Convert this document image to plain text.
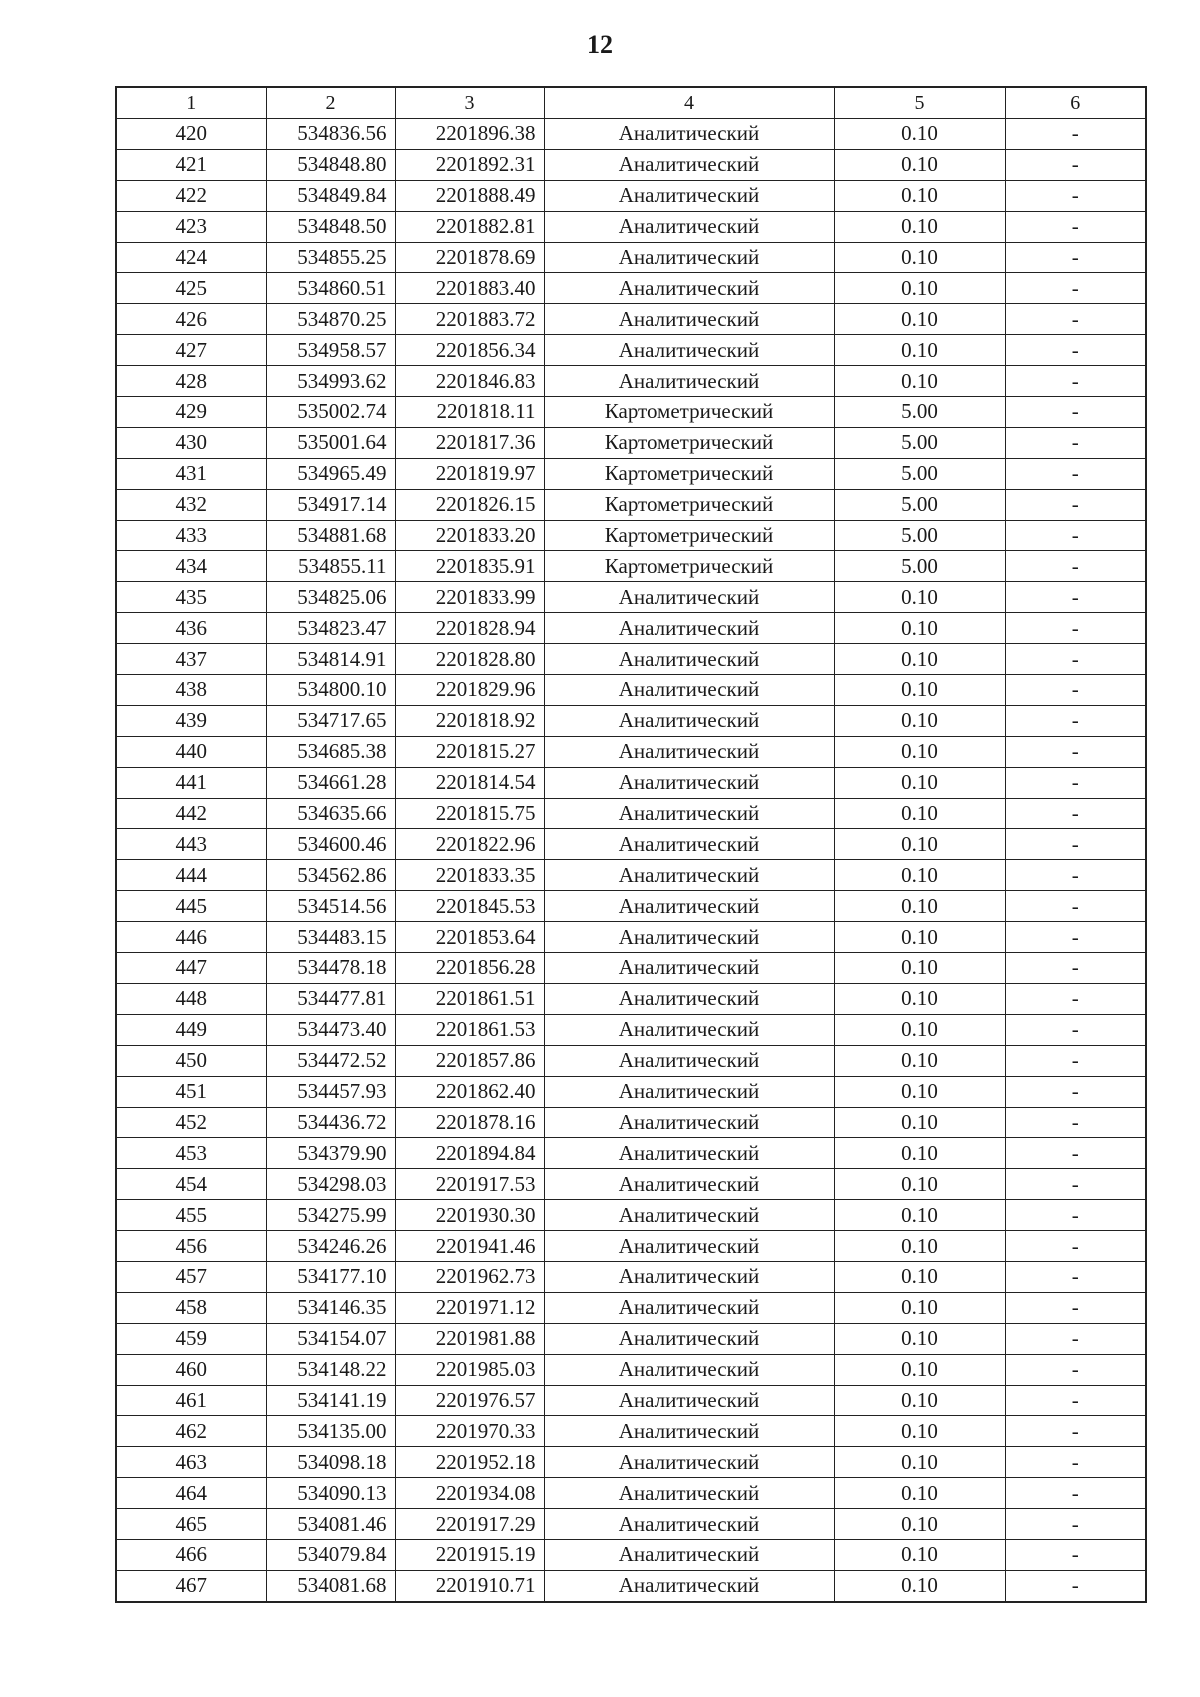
12
1	2	3	4	5	6
420	534836.56	2201896.38	Аналитический	0.10	-
421	534848.80	2201892.31	Аналитический	0.10	-
422	534849.84	2201888.49	Аналитический	0.10	-
423	534848.50	2201882.81	Аналитический	0.10	-
424	534855.25	2201878.69	Аналитический	0.10	-
425	534860.51	2201883.40	Аналитический	0.10	-
426	534870.25	2201883.72	Аналитический	0.10	-
427	534958.57	2201856.34	Аналитический	0.10	-
428	534993.62	2201846.83	Аналитический	0.10	-
429	535002.74	2201818.11	Картометрический	5.00	-
430	535001.64	2201817.36	Картометрический	5.00	-
431	534965.49	2201819.97	Картометрический	5.00	-
432	534917.14	2201826.15	Картометрический	5.00	-
433	534881.68	2201833.20	Картометрический	5.00	-
434	534855.11	2201835.91	Картометрический	5.00	-
435	534825.06	2201833.99	Аналитический	0.10	-
436	534823.47	2201828.94	Аналитический	0.10	-
437	534814.91	2201828.80	Аналитический	0.10	-
438	534800.10	2201829.96	Аналитический	0.10	-
439	534717.65	2201818.92	Аналитический	0.10	-
440	534685.38	2201815.27	Аналитический	0.10	-
441	534661.28	2201814.54	Аналитический	0.10	-
442	534635.66	2201815.75	Аналитический	0.10	-
443	534600.46	2201822.96	Аналитический	0.10	-
444	534562.86	2201833.35	Аналитический	0.10	-
445	534514.56	2201845.53	Аналитический	0.10	-
446	534483.15	2201853.64	Аналитический	0.10	-
447	534478.18	2201856.28	Аналитический	0.10	-
448	534477.81	2201861.51	Аналитический	0.10	-
449	534473.40	2201861.53	Аналитический	0.10	-
450	534472.52	2201857.86	Аналитический	0.10	-
451	534457.93	2201862.40	Аналитический	0.10	-
452	534436.72	2201878.16	Аналитический	0.10	-
453	534379.90	2201894.84	Аналитический	0.10	-
454	534298.03	2201917.53	Аналитический	0.10	-
455	534275.99	2201930.30	Аналитический	0.10	-
456	534246.26	2201941.46	Аналитический	0.10	-
457	534177.10	2201962.73	Аналитический	0.10	-
458	534146.35	2201971.12	Аналитический	0.10	-
459	534154.07	2201981.88	Аналитический	0.10	-
460	534148.22	2201985.03	Аналитический	0.10	-
461	534141.19	2201976.57	Аналитический	0.10	-
462	534135.00	2201970.33	Аналитический	0.10	-
463	534098.18	2201952.18	Аналитический	0.10	-
464	534090.13	2201934.08	Аналитический	0.10	-
465	534081.46	2201917.29	Аналитический	0.10	-
466	534079.84	2201915.19	Аналитический	0.10	-
467	534081.68	2201910.71	Аналитический	0.10	-
